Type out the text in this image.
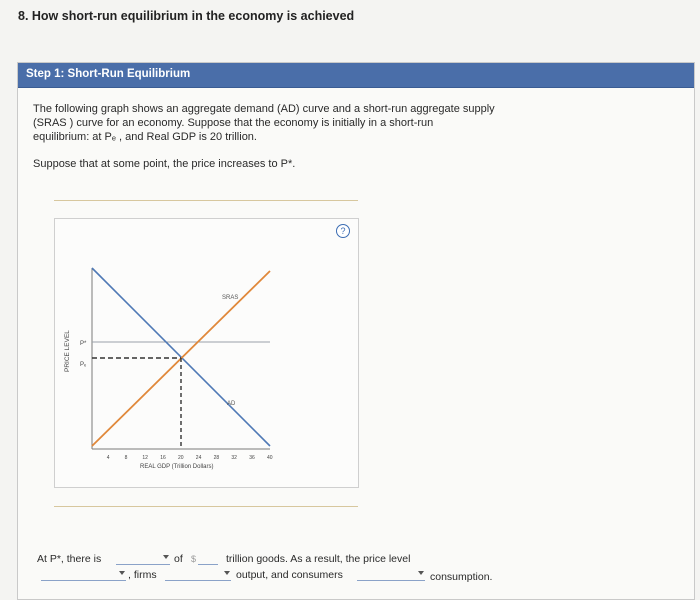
8. How short-run equilibrium in the economy is achieved
Step 1: Short-Run Equilibrium
The following graph shows an aggregate demand (AD) curve and a short-run aggregate supply
(SRAS ) curve for an economy. Suppose that the economy is initially in a short-run
equilibrium: at Pₑ , and Real GDP is 20 trillion.
Suppose that at some point, the price increases to P*.
?
PRICE LEVEL P*
Pₑ
4	8	12 16 20 24 28 32 36 40
REAL GDP (Trillion Dollars)
SRAS
AD
At P*, there is	of $	trillion goods. As a result, the price level
, firms	output, and consumers	consumption.
